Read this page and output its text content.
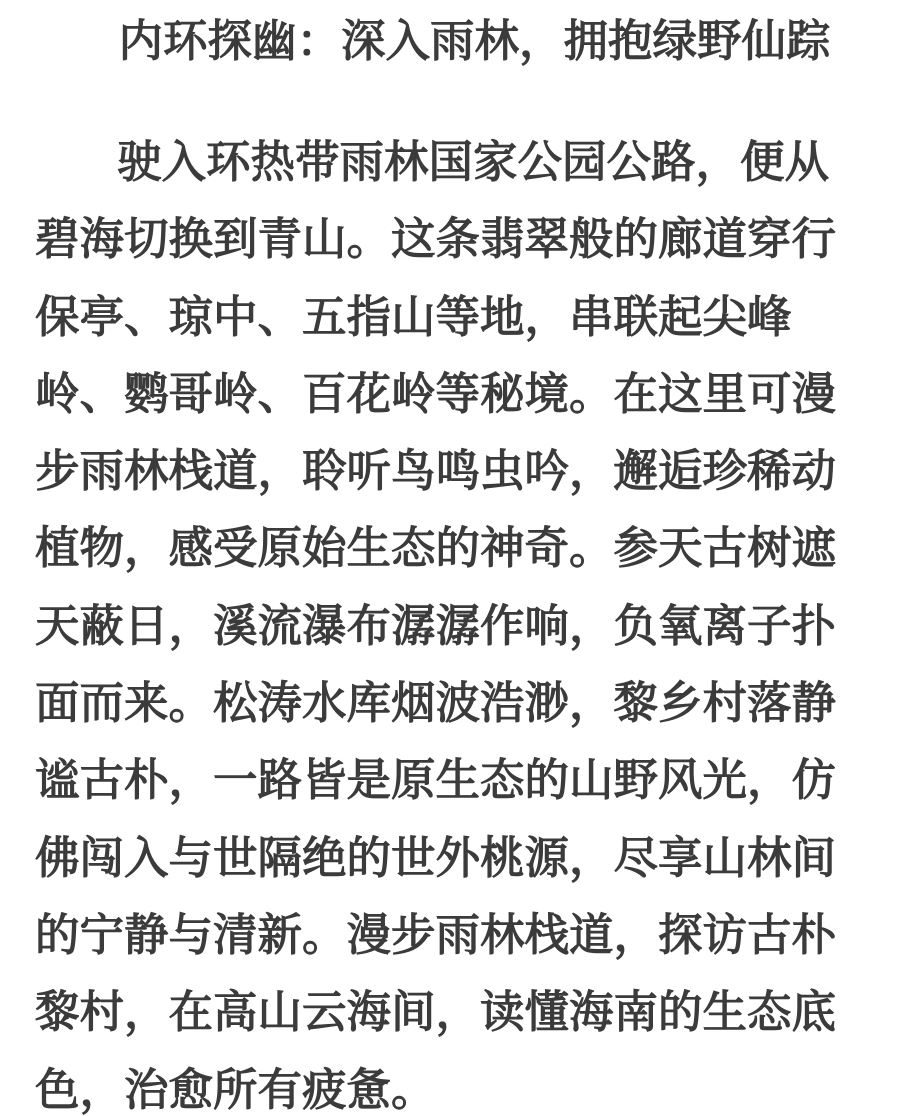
内环探幽：深入雨林，拥抱绿野仙踪
驶入环热带雨林国家公园公路，便从
碧海切换到青山。这条翡翠般的廊道穿行
保亭、琼中、五指山等地，串联起尖峰
岭、鹦哥岭、百花岭等秘境。在这里可漫
步雨林栈道，聆听鸟鸣虫吟，邂逅珍稀动
植物，感受原始生态的神奇。参天古树遮
天蔽日，溪流瀑布潺潺作响，负氧离子扑
面而来。松涛水库烟波浩渺，黎乡村落静
谧古朴，一路皆是原生态的山野风光，仿
佛闯入与世隔绝的世外桃源，尽享山林间
的宁静与清新。漫步雨林栈道，探访古朴
黎村，在高山云海间，读懂海南的生态底
色，治愈所有疲惫。
